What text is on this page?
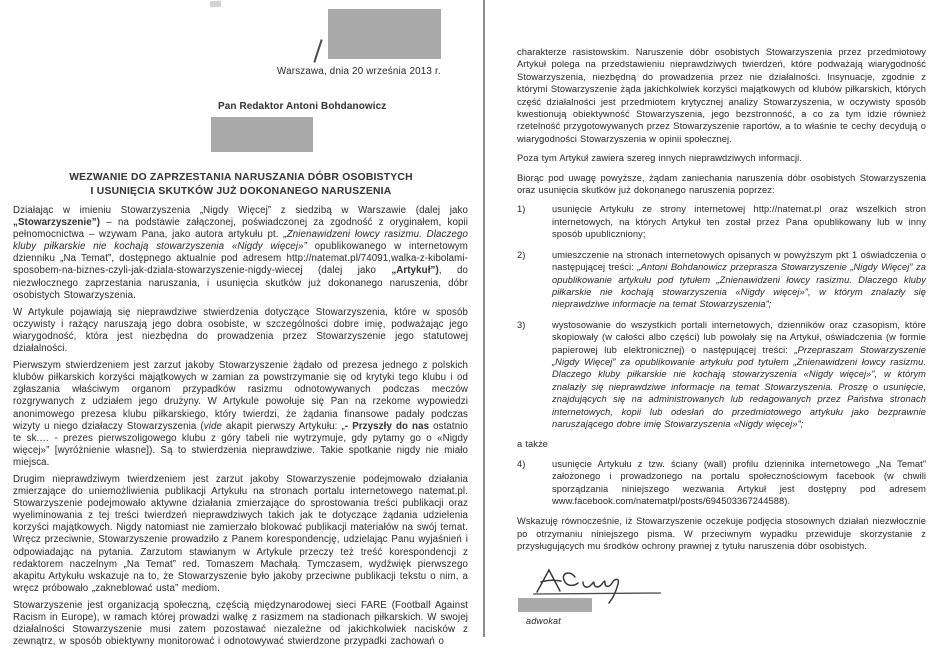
Warszawa, dnia 20 września 2013 r.
Pan Redaktor Antoni Bohdanowicz
WEZWANIE DO ZAPRZESTANIA NARUSZANIA DÓBR OSOBISTYCH
I USUNIĘCIA SKUTKÓW JUŻ DOKONANEGO NARUSZENIA

Działając w imieniu Stowarzyszenia „Nigdy Więcej” z siedzibą w Warszawie (dalej jako „Stowarzyszenie”) – na podstawie załączonej, poświadczonej za zgodność z oryginałem, kopii pełnomocnictwa – wzywam Pana, jako autora artykułu pt. „Znienawidzeni łowcy rasizmu. Dlaczego kluby piłkarskie nie kochają stowarzyszenia «Nigdy więcej»” opublikowanego w internetowym dzienniku „Na Temat”, dostępnego aktualnie pod adresem http://natemat.pl/74091,walka-z-kibolami-sposobem-na-biznes-czyli-jak-dziala-stowarzyszenie-nigdy-wiecej (dalej jako „Artykuł”), do niezwłocznego zaprzestania naruszania, i usunięcia skutków już dokonanego naruszenia, dóbr osobistych Stowarzyszenia.

W Artykule pojawiają się nieprawdziwe stwierdzenia dotyczące Stowarzyszenia, które w sposób oczywisty i rażący naruszają jego dobra osobiste, w szczególności dobre imię, podważając jego wiarygodność, która jest niezbędna do prowadzenia przez Stowarzyszenie jego statutowej działalności.

Pierwszym stwierdzeniem jest zarzut jakoby Stowarzyszenie żądało od prezesa jednego z polskich klubów piłkarskich korzyści majątkowych w zamian za powstrzymanie się od krytyki tego klubu i od zgłaszania właściwym organom przypadków rasizmu odnotowywanych podczas meczów rozgrywanych z udziałem jego drużyny. W Artykule powołuje się Pan na rzekome wypowiedzi anonimowego prezesa klubu piłkarskiego, który twierdzi, że żądania finansowe padały podczas wizyty u niego działaczy Stowarzyszenia (vide akapit pierwszy Artykułu: „- Przyszły do nas ostatnio te sk.… - prezes pierwszoligowego klubu z góry tabeli nie wytrzymuje, gdy pytamy go o «Nigdy więcej»” [wyróżnienie własne]). Są to stwierdzenia nieprawdziwe. Takie spotkanie nigdy nie miało miejsca.

Drugim nieprawdziwym twierdzeniem jest zarzut jakoby Stowarzyszenie podejmowało działania zmierzające do uniemożliwienia publikacji Artykułu na stronach portalu internetowego natemat.pl. Stowarzyszenie podejmowało aktywne działania zmierzające do sprostowania treści publikacji oraz wyeliminowania z tej treści twierdzeń nieprawdziwych takich jak te dotyczące żądania udzielenia korzyści majątkowych. Nigdy natomiast nie zamierzało blokować publikacji materiałów na swój temat. Wręcz przeciwnie, Stowarzyszenie prowadziło z Panem korespondencję, udzielając Panu wyjaśnień i odpowiadając na pytania. Zarzutom stawianym w Artykule przeczy też treść korespondencji z redaktorem naczelnym „Na Temat” red. Tomaszem Machałą. Tymczasem, wydźwięk pierwszego akapitu Artykułu wskazuje na to, że Stowarzyszenie było jakoby przeciwne publikacji tekstu o nim, a wręcz próbowało „zakneblować usta” mediom.

Stowarzyszenie jest organizacją społeczną, częścią międzynarodowej sieci FARE (Football Against Racism in Europe), w ramach której prowadzi walkę z rasizmem na stadionach piłkarskich. W swojej działalności Stowarzyszenie musi zatem pozostawać niezależne od jakichkolwiek nacisków z zewnątrz, w sposób obiektywny monitorować i odnotowywać stwierdzone przypadki zachowań o

charakterze rasistowskim. Naruszenie dóbr osobistych Stowarzyszenia przez przedmiotowy Artykuł polega na przedstawieniu nieprawdziwych twierdzeń, które podważają wiarygodność Stowarzyszenia, niezbędną do prowadzenia przez nie działalności. Insynuacje, zgodnie z którymi Stowarzyszenie żąda jakichkolwiek korzyści majątkowych od klubów piłkarskich, których część działalności jest przedmiotem krytycznej analizy Stowarzyszenia, w oczywisty sposób kwestionują obiektywność Stowarzyszenia, jego bezstronność, a co za tym idzie również rzetelność przygotowywanych przez Stowarzyszenie raportów, a to właśnie te cechy decydują o wiarygodności Stowarzyszenia w opinii społecznej.

Poza tym Artykuł zawiera szereg innych nieprawdziwych informacji.

Biorąc pod uwagę powyższe, żądam zaniechania naruszenia dóbr osobistych Stowarzyszenia oraz usunięcia skutków już dokonanego naruszenia poprzez:

1)	usunięcie Artykułu ze strony internetowej http://natemat.pl oraz wszelkich stron internetowych, na których Artykuł ten został przez Pana opublikowany lub w inny sposób upubliczniony;
2)	umieszczenie na stronach internetowych opisanych w powyższym pkt 1 oświadczenia o następującej treści: „Antoni Bohdanowicz przeprasza Stowarzyszenie „Nigdy Więcej” za opublikowanie artykułu pod tytułem „Znienawidzeni łowcy rasizmu. Dlaczego kluby piłkarskie nie kochają stowarzyszenia «Nigdy więcej»”, w którym znalazły się nieprawdziwe informacje na temat Stowarzyszenia”;
3)	wystosowanie do wszystkich portali internetowych, dzienników oraz czasopism, które skopiowały (w całości albo części) lub powołały się na Artykuł, oświadczenia (w formie papierowej lub elektronicznej) o następującej treści: „Przepraszam Stowarzyszenie „Nigdy Więcej” za opublikowanie artykułu pod tytułem „Znienawidzeni łowcy rasizmu. Dlaczego kluby piłkarskie nie kochają stowarzyszenia «Nigdy więcej»”, w którym znalazły się nieprawdziwe informacje na temat Stowarzyszenia. Proszę o usunięcie, znajdujących się na administrowanych lub redagowanych przez Państwa stronach internetowych, kopii lub odesłań do przedmiotowego artykułu jako bezprawnie naruszającego dobre imię Stowarzyszenia «Nigdy więcej»”;

a także

4)	usunięcie Artykułu z tzw. ściany (wall) profilu dziennika internetowego „Na Temat” założonego i prowadzonego na portalu społecznościowym facebook (w chwili sporządzania niniejszego wezwania Artykuł jest dostępny pod adresem www.facebook.com/natematpl/posts/694503367244588).

Wskazuję równocześnie, iż Stowarzyszenie oczekuje podjęcia stosownych działań niezwłocznie po otrzymaniu niniejszego pisma. W przeciwnym wypadku przewiduje skorzystanie z przysługujących mu środków ochrony prawnej z tytułu naruszenia dóbr osobistych.

adwokat
